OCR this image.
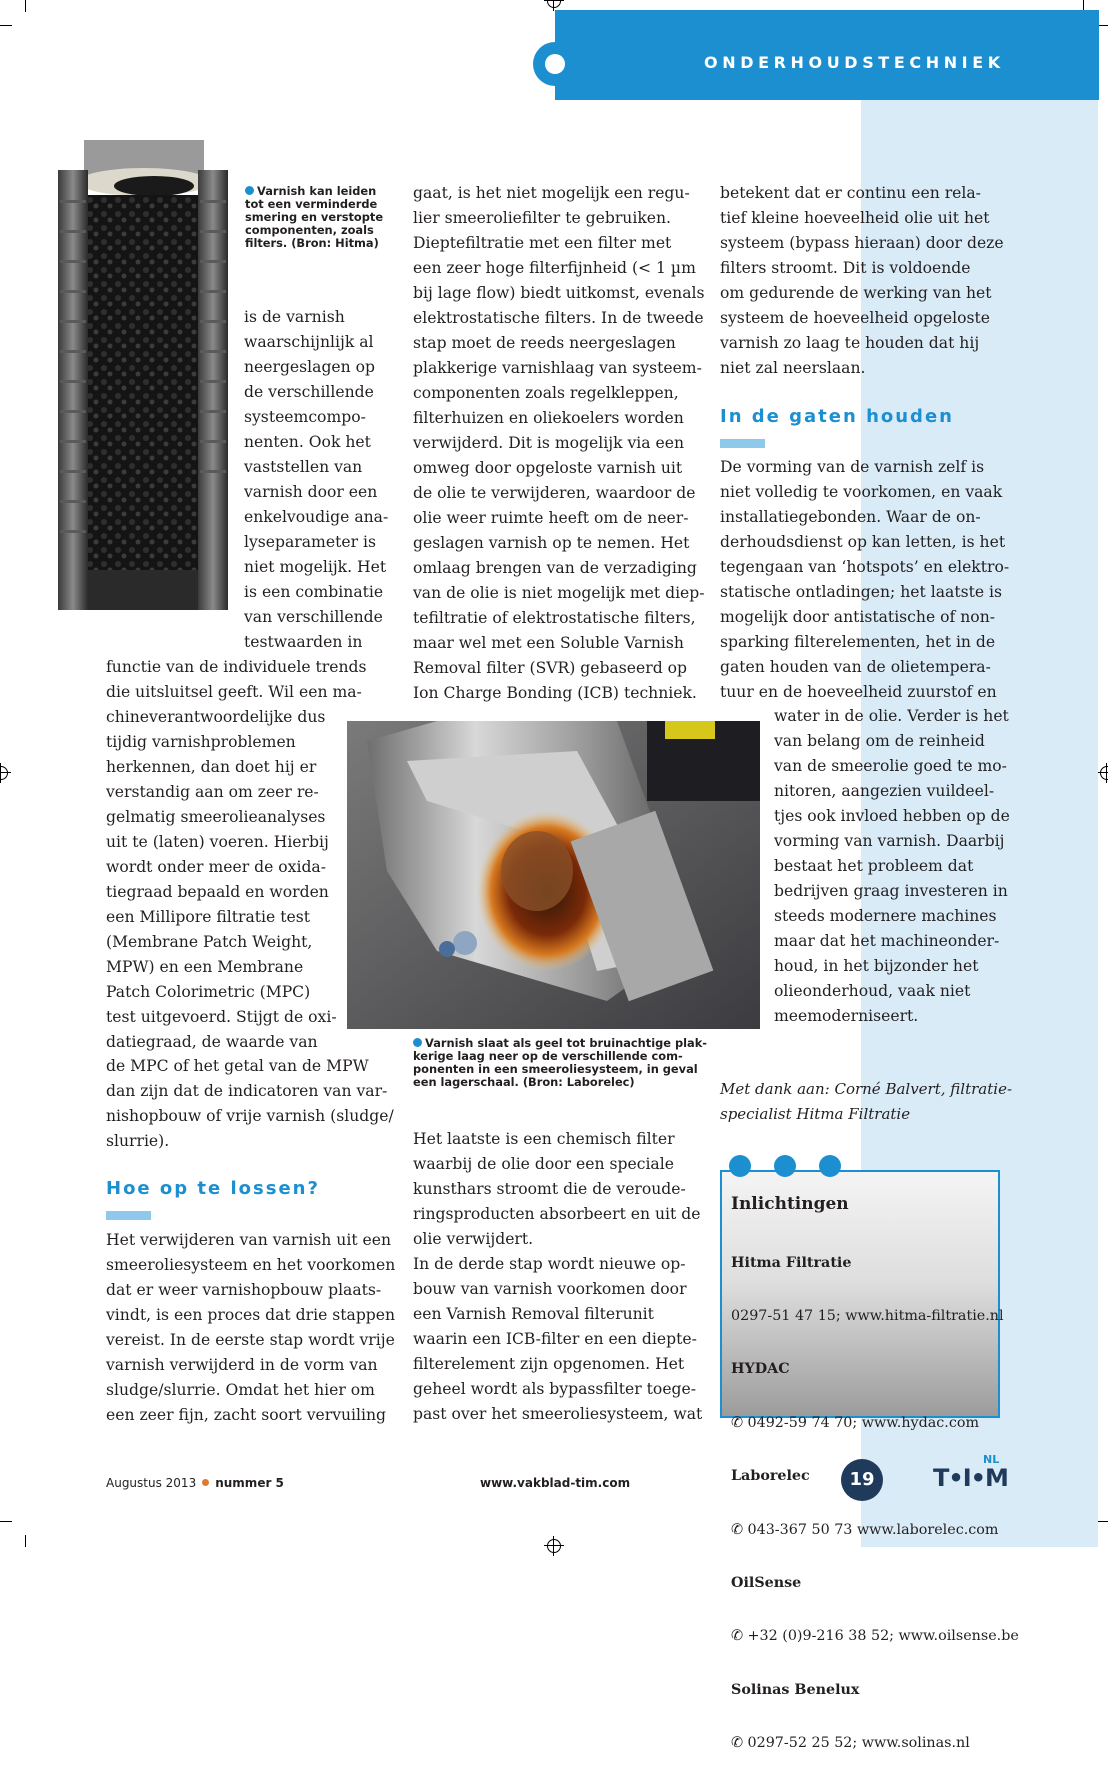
ONDERHOUDSTECHNIEK
Varnish kan leiden
tot een verminderde
smering en verstopte
componenten, zoals
filters. (Bron: Hitma)
is de varnish
waarschijnlijk al
neergeslagen op
de verschillende
systeemcompo-
nenten. Ook het
vaststellen van
varnish door een
enkelvoudige ana-
lyseparameter is
niet mogelijk. Het
is een combinatie
van verschillende
testwaarden in
functie van de individuele trends
die uitsluitsel geeft. Wil een ma-
chineverantwoordelijke dus
tijdig varnishproblemen
herkennen, dan doet hij er
verstandig aan om zeer re-
gelmatig smeerolieanalyses
uit te (laten) voeren. Hierbij
wordt onder meer de oxida-
tiegraad bepaald en worden
een Millipore filtratie test
(Membrane Patch Weight,
MPW) en een Membrane
Patch Colorimetric (MPC)
test uitgevoerd. Stijgt de oxi-
datiegraad, de waarde van
de MPC of het getal van de MPW
dan zijn dat de indicatoren van var-
nishopbouw of vrije varnish (sludge/
slurrie).
Hoe op te lossen?
Het verwijderen van varnish uit een
smeeroliesysteem en het voorkomen
dat er weer varnishopbouw plaats-
vindt, is een proces dat drie stappen
vereist. In de eerste stap wordt vrije
varnish verwijderd in de vorm van
sludge/slurrie. Omdat het hier om
een zeer fijn, zacht soort vervuiling
gaat, is het niet mogelijk een regu-
lier smeeroliefilter te gebruiken.
Dieptefiltratie met een filter met
een zeer hoge filterfijnheid (< 1 µm
bij lage flow) biedt uitkomst, evenals
elektrostatische filters. In de tweede
stap moet de reeds neergeslagen
plakkerige varnishlaag van systeem-
componenten zoals regelkleppen,
filterhuizen en oliekoelers worden
verwijderd. Dit is mogelijk via een
omweg door opgeloste varnish uit
de olie te verwijderen, waardoor de
olie weer ruimte heeft om de neer-
geslagen varnish op te nemen. Het
omlaag brengen van de verzadiging
van de olie is niet mogelijk met diep-
tefiltratie of elektrostatische filters,
maar wel met een Soluble Varnish
Removal filter (SVR) gebaseerd op
Ion Charge Bonding (ICB) techniek.
Varnish slaat als geel tot bruinachtige plak-
kerige laag neer op de verschillende com-
ponenten in een smeeroliesysteem, in geval
een lagerschaal. (Bron: Laborelec)
Het laatste is een chemisch filter
waarbij de olie door een speciale
kunsthars stroomt die de veroude-
ringsproducten absorbeert en uit de
olie verwijdert.
In de derde stap wordt nieuwe op-
bouw van varnish voorkomen door
een Varnish Removal filterunit
waarin een ICB-filter en een diepte-
filterelement zijn opgenomen. Het
geheel wordt als bypassfilter toege-
past over het smeeroliesysteem, wat
betekent dat er continu een rela-
tief kleine hoeveelheid olie uit het
systeem (bypass hieraan) door deze
filters stroomt. Dit is voldoende
om gedurende de werking van het
systeem de hoeveelheid opgeloste
varnish zo laag te houden dat hij
niet zal neerslaan.
In de gaten houden
De vorming van de varnish zelf is
niet volledig te voorkomen, en vaak
installatiegebonden. Waar de on-
derhoudsdienst op kan letten, is het
tegengaan van ‘hotspots’ en elektro-
statische ontladingen; het laatste is
mogelijk door antistatische of non-
sparking filterelementen, het in de
gaten houden van de olietempera-
tuur en de hoeveelheid zuurstof en
water in de olie. Verder is het
van belang om de reinheid
van de smeerolie goed te mo-
nitoren, aangezien vuildeel-
tjes ook invloed hebben op de
vorming van varnish. Daarbij
bestaat het probleem dat
bedrijven graag investeren in
steeds modernere machines
maar dat het machineonder-
houd, in het bijzonder het
olieonderhoud, vaak niet
meemoderniseert.
Met dank aan: Corné Balvert, filtratie-
specialist Hitma Filtratie
Inlichtingen

Hitma Filtratie

0297-51 47 15; www.hitma-filtratie.nl

HYDAC

✆ 0492-59 74 70; www.hydac.com

Laborelec

✆ 043-367 50 73 www.laborelec.com

OilSense

✆ +32 (0)9-216 38 52; www.oilsense.be

Solinas Benelux

✆ 0297-52 25 52; www.solinas.nl

Augustus 2013 nummer 5	www.vakblad-tim.com	19	T•I•M
NL
